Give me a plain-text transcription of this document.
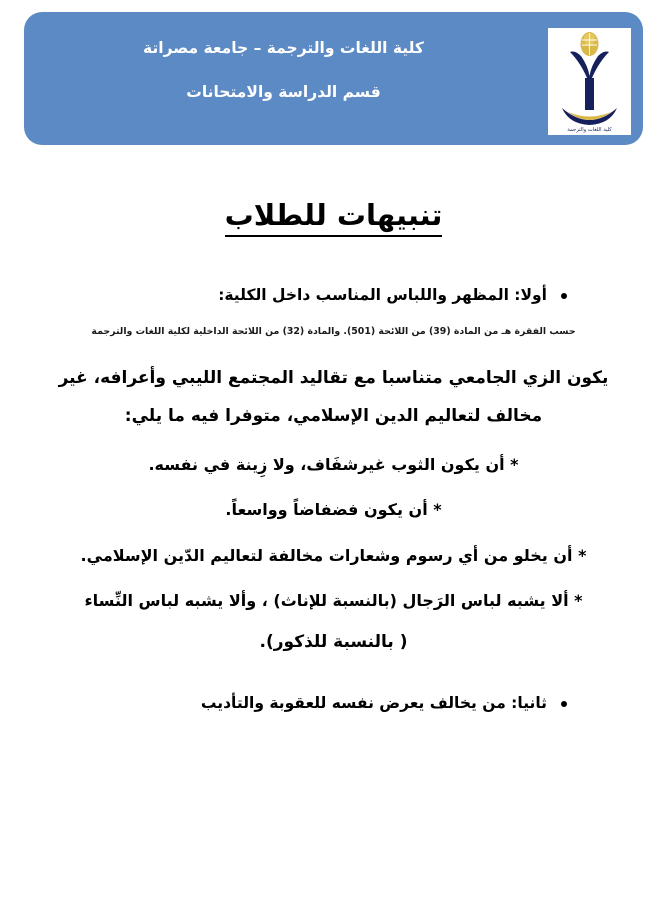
كلية اللغات والترجمة
كلية اللغات والترجمة – جامعة مصراتة
قسم الدراسة والامتحانات
تنبيهات للطلاب
أولا: المظهر واللباس المناسب داخل الكلية:
حسب الفقرة هـ من المادة (39) من اللائحة (501). والمادة (32) من اللائحة الداخلية لكلية اللغات والترجمة
يكون الزي الجامعي متناسبا مع تقاليد المجتمع الليبي وأعرافه، غير
مخالف لتعاليم الدين الإسلامي، متوفرا فيه ما يلي:
* أن يكون الثوب غيرشفَاف، ولا زِينة في نفسه.
* أن يكون فضفاضاً وواسعاً.
* أن يخلو من أي رسوم وشعارات مخالفة لتعاليم الدّين الإسلامي.
* ألا يشبه لباس الرَجال (بالنسبة للإناث) ، وألا يشبه لباس النِّساء
( بالنسبة للذكور).
ثانيا: من يخالف يعرض نفسه للعقوبة والتأديب
